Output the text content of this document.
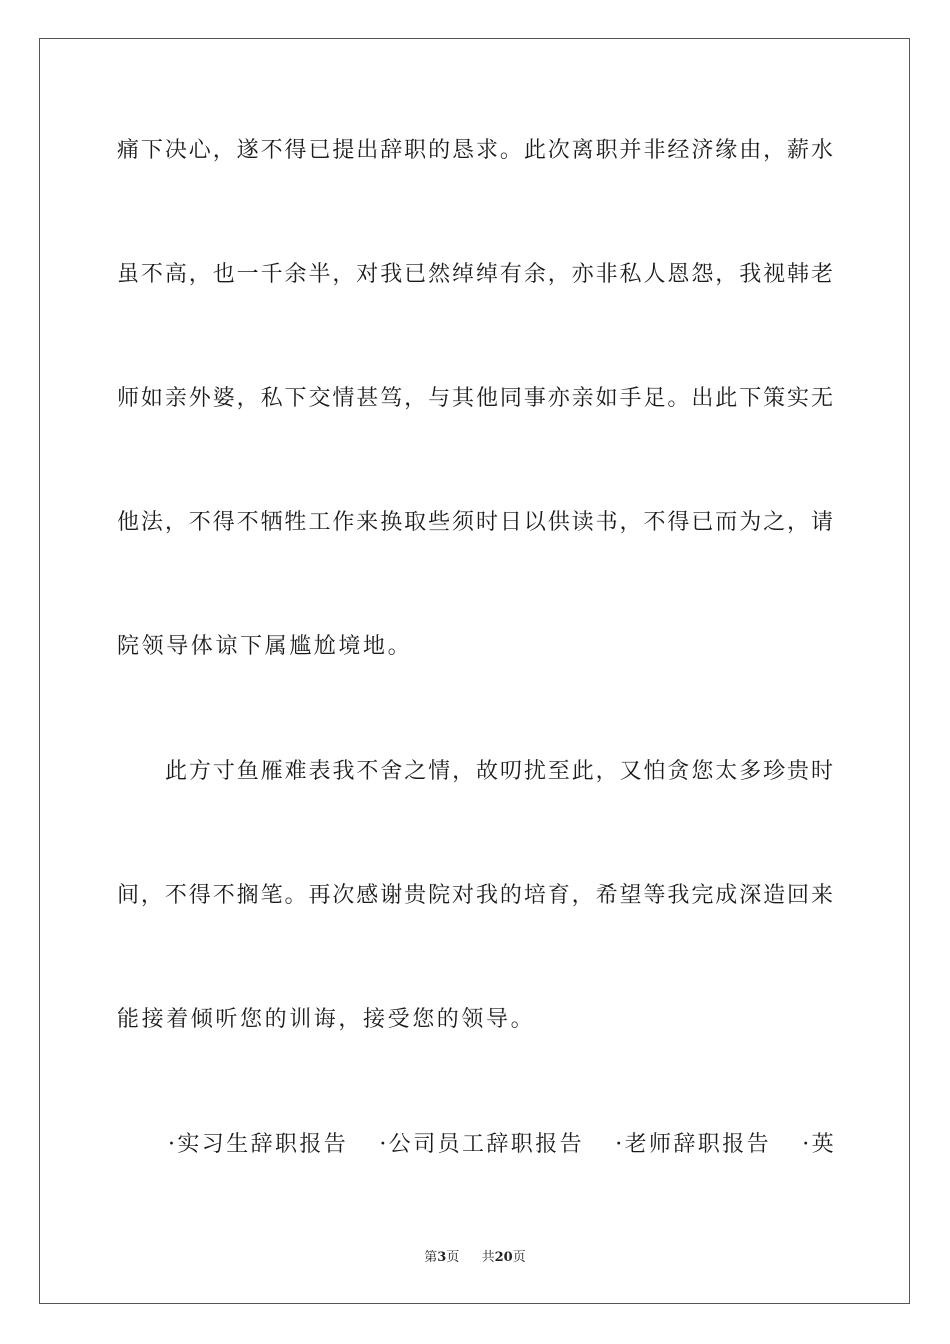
痛下决心，遂不得已提出辞职的恳求。此次离职并非经济缘由，薪水
虽不高，也一千余半，对我已然绰绰有余，亦非私人恩怨，我视韩老
师如亲外婆，私下交情甚笃，与其他同事亦亲如手足。出此下策实无
他法，不得不牺牲工作来换取些须时日以供读书，不得已而为之，请
院领导体谅下属尴尬境地。
此方寸鱼雁难表我不舍之情，故叨扰至此，又怕贪您太多珍贵时
间，不得不搁笔。再次感谢贵院对我的培育，希望等我完成深造回来
能接着倾听您的训诲，接受您的领导。
·实习生辞职报告 ·公司员工辞职报告 ·老师辞职报告 ·英
第3页 共20页
